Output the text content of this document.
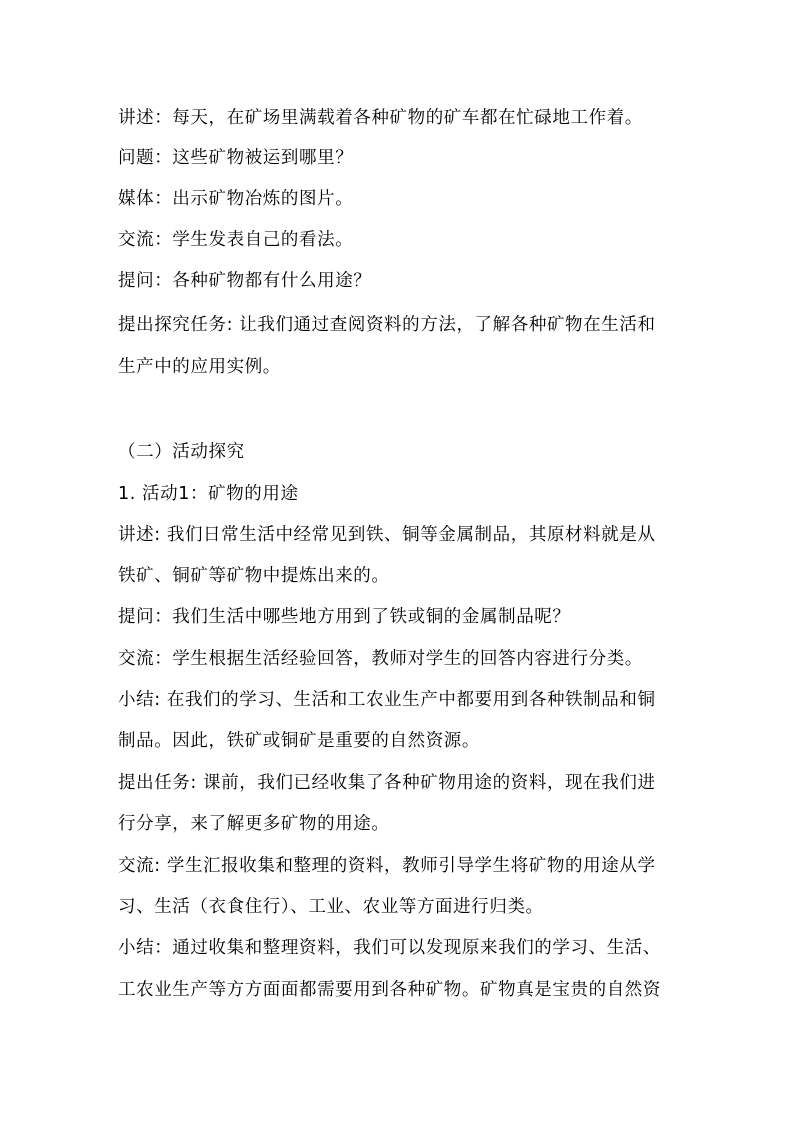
讲述：每天，在矿场里满载着各种矿物的矿车都在忙碌地工作着。
问题：这些矿物被运到哪里？
媒体：出示矿物冶炼的图片。
交流：学生发表自己的看法。
提问：各种矿物都有什么用途？
提出探究任务: 让我们通过查阅资料的方法，了解各种矿物在生活和
生产中的应用实例。
（二）活动探究
1. 活动1：矿物的用途
讲述: 我们日常生活中经常见到铁、铜等金属制品，其原材料就是从
铁矿、铜矿等矿物中提炼出来的。
提问：我们生活中哪些地方用到了铁或铜的金属制品呢？
交流：学生根据生活经验回答，教师对学生的回答内容进行分类。
小结: 在我们的学习、生活和工农业生产中都要用到各种铁制品和铜
制品。因此，铁矿或铜矿是重要的自然资源。
提出任务: 课前，我们已经收集了各种矿物用途的资料，现在我们进
行分享，来了解更多矿物的用途。
交流: 学生汇报收集和整理的资料，教师引导学生将矿物的用途从学
习、生活（衣食住行）、工业、农业等方面进行归类。
小结：通过收集和整理资料，我们可以发现原来我们的学习、生活、
工农业生产等方方面面都需要用到各种矿物。矿物真是宝贵的自然资
